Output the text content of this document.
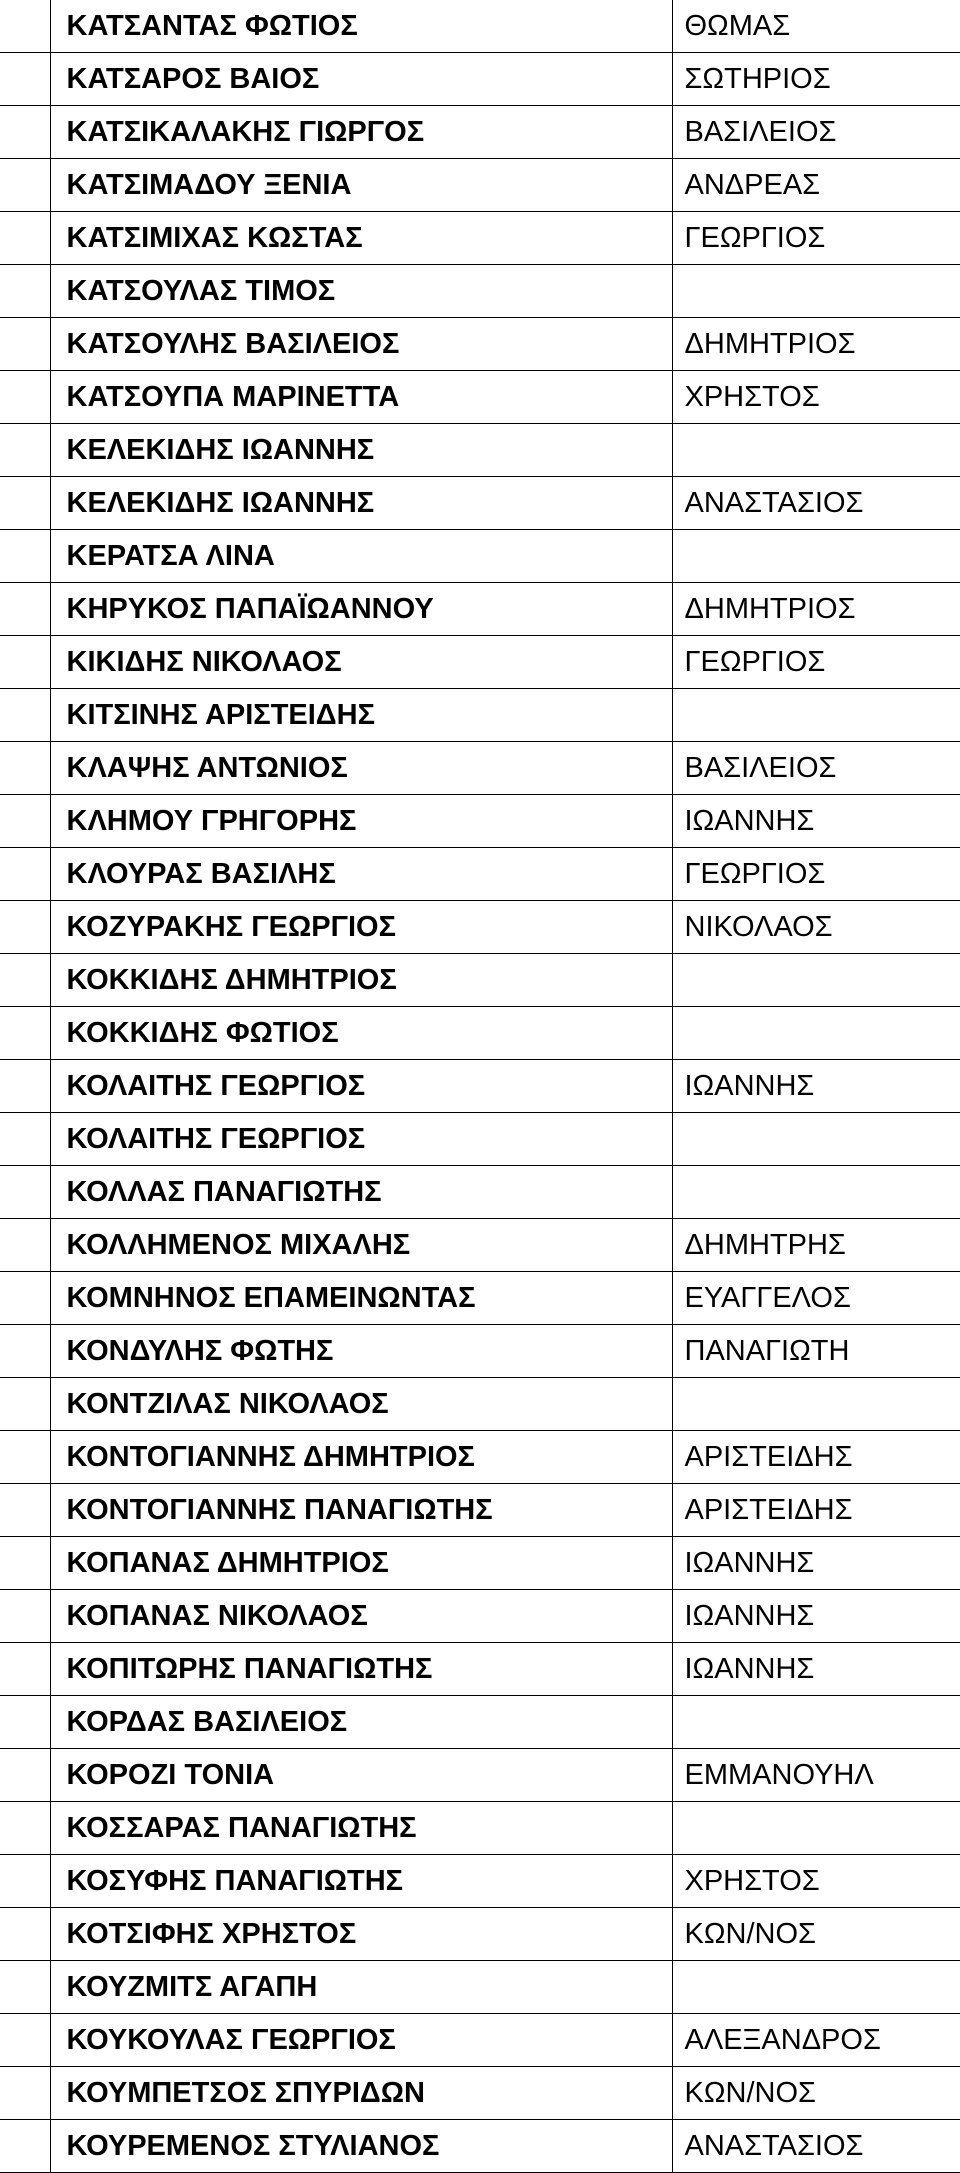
	ΚΑΤΣΑΝΤΑΣ ΦΩΤΙΟΣ	ΘΩΜΑΣ
	ΚΑΤΣΑΡΟΣ ΒΑΙΟΣ	ΣΩΤΗΡΙΟΣ
	ΚΑΤΣΙΚΑΛΑΚΗΣ ΓΙΩΡΓΟΣ	ΒΑΣΙΛΕΙΟΣ
	ΚΑΤΣΙΜΑΔΟΥ ΞΕΝΙΑ	ΑΝΔΡΕΑΣ
	ΚΑΤΣΙΜΙΧΑΣ ΚΩΣΤΑΣ	ΓΕΩΡΓΙΟΣ
	ΚΑΤΣΟΥΛΑΣ ΤΙΜΟΣ	
	ΚΑΤΣΟΥΛΗΣ ΒΑΣΙΛΕΙΟΣ	ΔΗΜΗΤΡΙΟΣ
	ΚΑΤΣΟΥΠΑ ΜΑΡΙΝΕΤΤΑ	ΧΡΗΣΤΟΣ
	ΚΕΛΕΚΙΔΗΣ ΙΩΑΝΝΗΣ	
	ΚΕΛΕΚΙΔΗΣ ΙΩΑΝΝΗΣ	ΑΝΑΣΤΑΣΙΟΣ
	ΚΕΡΑΤΣΑ ΛΙΝΑ	
	ΚΗΡΥΚΟΣ ΠΑΠΑΪΩΑΝΝΟΥ	ΔΗΜΗΤΡΙΟΣ
	ΚΙΚΙΔΗΣ ΝΙΚΟΛΑΟΣ	ΓΕΩΡΓΙΟΣ
	ΚΙΤΣΙΝΗΣ ΑΡΙΣΤΕΙΔΗΣ	
	ΚΛΑΨΗΣ ΑΝΤΩΝΙΟΣ	ΒΑΣΙΛΕΙΟΣ
	ΚΛΗΜΟΥ ΓΡΗΓΟΡΗΣ	ΙΩΑΝΝΗΣ
	ΚΛΟΥΡΑΣ ΒΑΣΙΛΗΣ	ΓΕΩΡΓΙΟΣ
	ΚΟΖΥΡΑΚΗΣ ΓΕΩΡΓΙΟΣ	ΝΙΚΟΛΑΟΣ
	ΚΟΚΚΙΔΗΣ ΔΗΜΗΤΡΙΟΣ	
	ΚΟΚΚΙΔΗΣ ΦΩΤΙΟΣ	
	ΚΟΛΑΙΤΗΣ ΓΕΩΡΓΙΟΣ	ΙΩΑΝΝΗΣ
	ΚΟΛΑΙΤΗΣ ΓΕΩΡΓΙΟΣ	
	ΚΟΛΛΑΣ ΠΑΝΑΓΙΩΤΗΣ	
	ΚΟΛΛΗΜΕΝΟΣ ΜΙΧΑΛΗΣ	ΔΗΜΗΤΡΗΣ
	ΚΟΜΝΗΝΟΣ ΕΠΑΜΕΙΝΩΝΤΑΣ	ΕΥΑΓΓΕΛΟΣ
	ΚΟΝΔΥΛΗΣ ΦΩΤΗΣ	ΠΑΝΑΓΙΩΤΗ
	ΚΟΝΤΖΙΛΑΣ ΝΙΚΟΛΑΟΣ	
	ΚΟΝΤΟΓΙΑΝΝΗΣ ΔΗΜΗΤΡΙΟΣ	ΑΡΙΣΤΕΙΔΗΣ
	ΚΟΝΤΟΓΙΑΝΝΗΣ ΠΑΝΑΓΙΩΤΗΣ	ΑΡΙΣΤΕΙΔΗΣ
	ΚΟΠΑΝΑΣ ΔΗΜΗΤΡΙΟΣ	ΙΩΑΝΝΗΣ
	ΚΟΠΑΝΑΣ ΝΙΚΟΛΑΟΣ	ΙΩΑΝΝΗΣ
	ΚΟΠΙΤΩΡΗΣ ΠΑΝΑΓΙΩΤΗΣ	ΙΩΑΝΝΗΣ
	ΚΟΡΔΑΣ ΒΑΣΙΛΕΙΟΣ	
	ΚΟΡΟΖΙ ΤΟΝΙΑ	ΕΜΜΑΝΟΥΗΛ
	ΚΟΣΣΑΡΑΣ ΠΑΝΑΓΙΩΤΗΣ	
	ΚΟΣΥΦΗΣ ΠΑΝΑΓΙΩΤΗΣ	ΧΡΗΣΤΟΣ
	ΚΟΤΣΙΦΗΣ ΧΡΗΣΤΟΣ	ΚΩΝ/ΝΟΣ
	ΚΟΥΖΜΙΤΣ ΑΓΑΠΗ	
	ΚΟΥΚΟΥΛΑΣ ΓΕΩΡΓΙΟΣ	ΑΛΕΞΑΝΔΡΟΣ
	ΚΟΥΜΠΕΤΣΟΣ ΣΠΥΡΙΔΩΝ	ΚΩΝ/ΝΟΣ
	ΚΟΥΡΕΜΕΝΟΣ ΣΤΥΛΙΑΝΟΣ	ΑΝΑΣΤΑΣΙΟΣ
